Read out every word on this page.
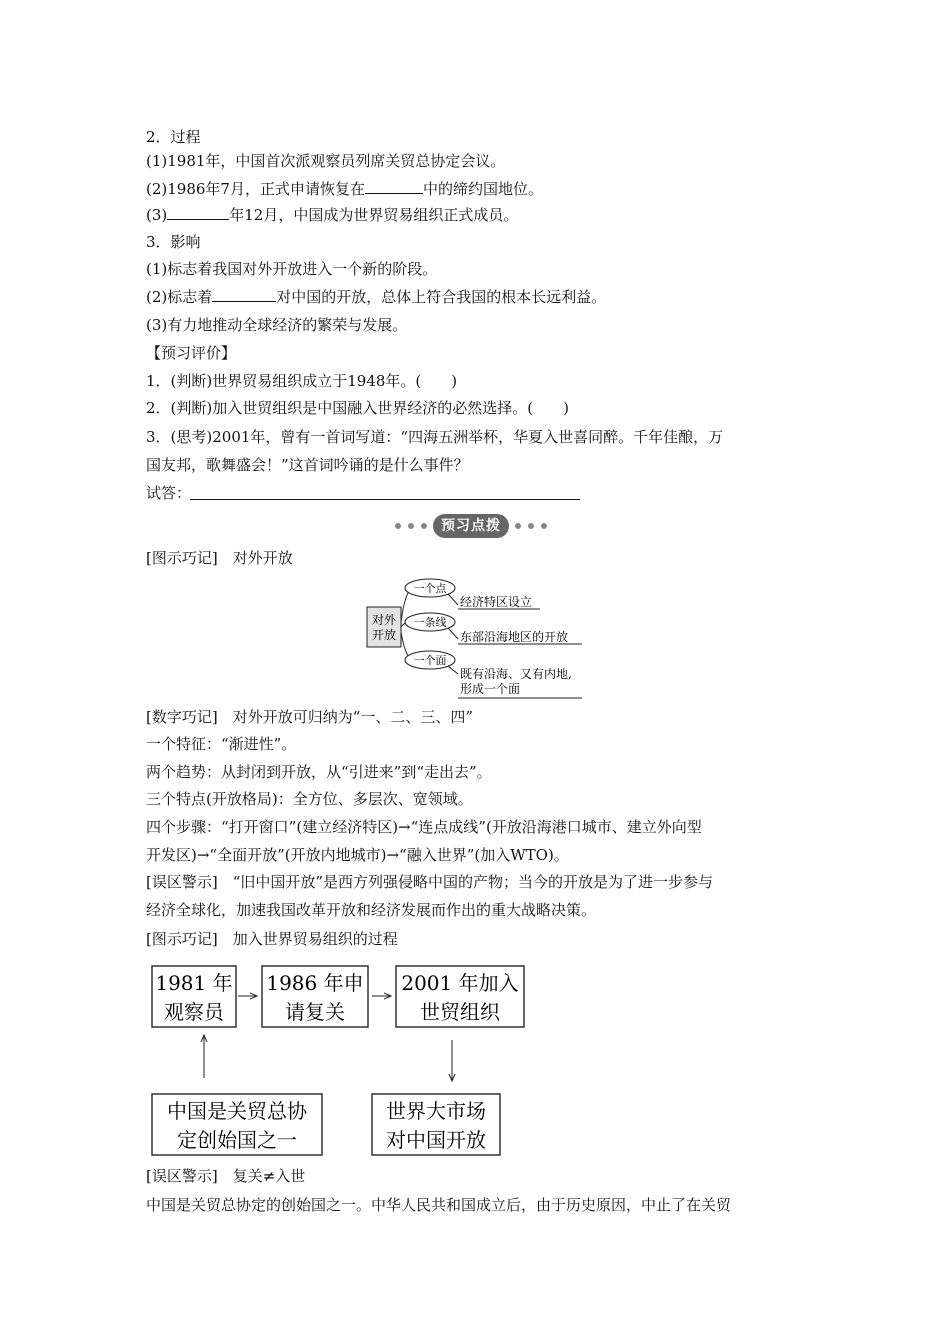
2．过程
(1)1981年，中国首次派观察员列席关贸总协定会议。
(2)1986年7月，正式申请恢复在	中的缔约国地位。
(3)	年12月，中国成为世界贸易组织正式成员。
3．影响
(1)标志着我国对外开放进入一个新的阶段。
(2)标志着	对中国的开放，总体上符合我国的根本长远利益。
(3)有力地推动全球经济的繁荣与发展。
【预习评价】
1．(判断)世界贸易组织成立于1948年。(　　)
2．(判断)加入世贸组织是中国融入世界经济的必然选择。(　　)
3．(思考)2001年，曾有一首词写道：“四海五洲举杯，华夏入世喜同醉。千年佳酿，万
国友邦，歌舞盛会！”这首词吟诵的是什么事件？
试答：
[图示巧记]　对外开放
[数字巧记]　对外开放可归纳为“一、二、三、四”
一个特征：“渐进性”。
两个趋势：从封闭到开放，从“引进来”到“走出去”。
三个特点(开放格局)：全方位、多层次、宽领域。
四个步骤：“打开窗口”(建立经济特区)→“连点成线”(开放沿海港口城市、建立外向型
开发区)→“全面开放”(开放内地城市)→“融入世界”(加入WTO)。
[误区警示]　“旧中国开放”是西方列强侵略中国的产物；当今的开放是为了进一步参与
经济全球化，加速我国改革开放和经济发展而作出的重大战略决策。
[图示巧记]　加入世界贸易组织的过程
[误区警示]　复关≠入世
中国是关贸总协定的创始国之一。中华人民共和国成立后，由于历史原因，中止了在关贸
预习点拨
对外
开放
一个点
经济特区设立
一条线
东部沿海地区的开放
一个面
既有沿海、又有内地,
形成一个面
1981 年
观察员
1986 年申
请复关
2001 年加入
世贸组织
中国是关贸总协
定创始国之一
世界大市场
对中国开放
